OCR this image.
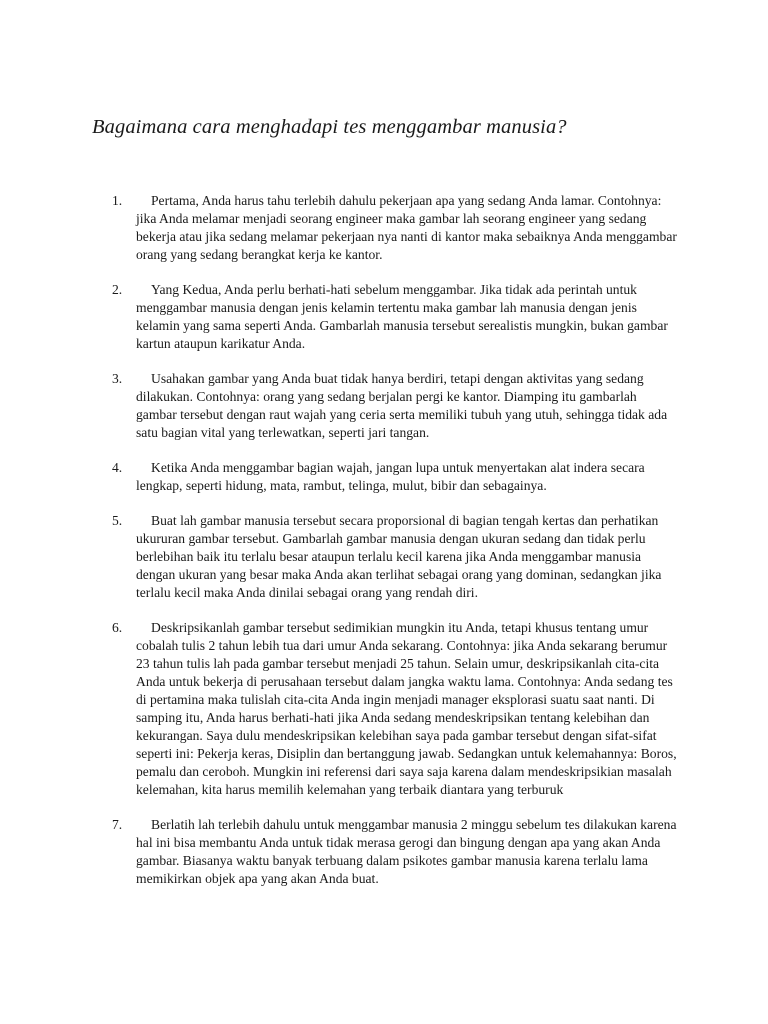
Bagaimana cara menghadapi tes menggambar manusia?
1.	Pertama, Anda harus tahu terlebih dahulu pekerjaan apa yang sedang Anda lamar. Contohnya: jika Anda melamar menjadi seorang engineer maka gambar lah seorang engineer yang sedang bekerja atau jika sedang melamar pekerjaan nya nanti di kantor maka sebaiknya Anda menggambar orang yang sedang berangkat kerja ke kantor.
2.	Yang Kedua, Anda perlu berhati-hati sebelum menggambar. Jika tidak ada perintah untuk menggambar manusia dengan jenis kelamin tertentu maka gambar lah manusia dengan jenis kelamin yang sama seperti Anda. Gambarlah manusia tersebut serealistis mungkin, bukan gambar kartun ataupun karikatur Anda.
3.	Usahakan gambar yang Anda buat tidak hanya berdiri, tetapi dengan aktivitas yang sedang dilakukan. Contohnya: orang yang sedang berjalan pergi ke kantor. Diamping itu gambarlah gambar tersebut dengan raut wajah yang ceria serta memiliki tubuh yang utuh, sehingga tidak ada satu bagian vital yang terlewatkan, seperti jari tangan.
4.	Ketika Anda menggambar bagian wajah, jangan lupa untuk menyertakan alat indera secara lengkap, seperti hidung, mata, rambut, telinga, mulut, bibir dan sebagainya.
5.	Buat lah gambar manusia tersebut secara proporsional di bagian tengah kertas dan perhatikan ukururan gambar tersebut. Gambarlah gambar manusia dengan ukuran sedang dan tidak perlu berlebihan baik itu terlalu besar ataupun terlalu kecil karena jika Anda menggambar manusia dengan ukuran yang besar maka Anda akan terlihat sebagai orang yang dominan, sedangkan jika terlalu kecil maka Anda dinilai sebagai orang yang rendah diri.
6.	Deskripsikanlah gambar tersebut sedimikian mungkin itu Anda, tetapi khusus tentang umur cobalah tulis 2 tahun lebih tua dari umur Anda sekarang. Contohnya: jika Anda sekarang berumur 23 tahun tulis lah pada gambar tersebut menjadi 25 tahun. Selain umur, deskripsikanlah cita-cita Anda untuk bekerja di perusahaan tersebut dalam jangka waktu lama. Contohnya: Anda sedang tes di pertamina maka tulislah cita-cita Anda ingin menjadi manager eksplorasi suatu saat nanti. Di samping itu, Anda harus berhati-hati jika Anda sedang mendeskripsikan tentang kelebihan dan kekurangan. Saya dulu mendeskripsikan kelebihan saya pada gambar tersebut dengan sifat-sifat seperti ini: Pekerja keras, Disiplin dan bertanggung jawab. Sedangkan untuk kelemahannya: Boros, pemalu dan ceroboh. Mungkin ini referensi dari saya saja karena dalam mendeskripsikian masalah kelemahan, kita harus memilih kelemahan yang terbaik diantara yang terburuk
7.	Berlatih lah terlebih dahulu untuk menggambar manusia 2 minggu sebelum tes dilakukan karena hal ini bisa membantu Anda untuk tidak merasa gerogi dan bingung dengan apa yang akan Anda gambar. Biasanya waktu banyak terbuang dalam psikotes gambar manusia karena terlalu lama memikirkan objek apa yang akan Anda buat.
